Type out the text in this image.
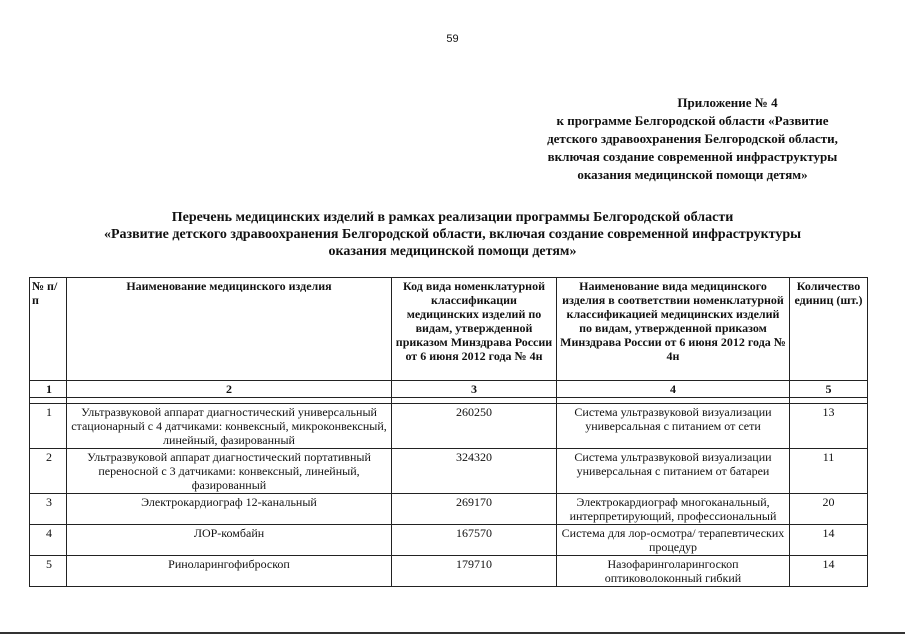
59
Приложение № 4
к программе Белгородской области «Развитие
детского здравоохранения Белгородской области,
включая создание современной инфраструктуры
оказания медицинской помощи детям»
Перечень медицинских изделий в рамках реализации программы Белгородской области
«Развитие детского здравоохранения Белгородской области, включая создание современной инфраструктуры
оказания медицинской помощи детям»
№ п/п	Наименование медицинского изделия	Код вида номенклатурной классификации медицинских изделий по видам, утвержденной приказом Минздрава России от 6 июня 2012 года № 4н	Наименование вида медицинского изделия в соответствии номенклатурной классификацией медицинских изделий по видам, утвержденной приказом Минздрава России от 6 июня 2012 года № 4н	Количество единиц (шт.)
1	2	3	4	5

1	Ультразвуковой аппарат диагностический универсальный стационарный с 4 датчиками: конвексный, микроконвексный, линейный, фазированный	260250	Система ультразвуковой визуализации универсальная с питанием от сети	13
2	Ультразвуковой аппарат диагностический портативный переносной с 3 датчиками: конвексный, линейный, фазированный	324320	Система ультразвуковой визуализации универсальная с питанием от батареи	11
3	Электрокардиограф 12-канальный	269170	Электрокардиограф многоканальный, интерпретирующий, профессиональный	20
4	ЛОР-комбайн	167570	Система для лор-осмотра/ терапевтических процедур	14
5	Риноларингофиброскоп	179710	Назофаринголарингоскоп оптиковолоконный гибкий	14
